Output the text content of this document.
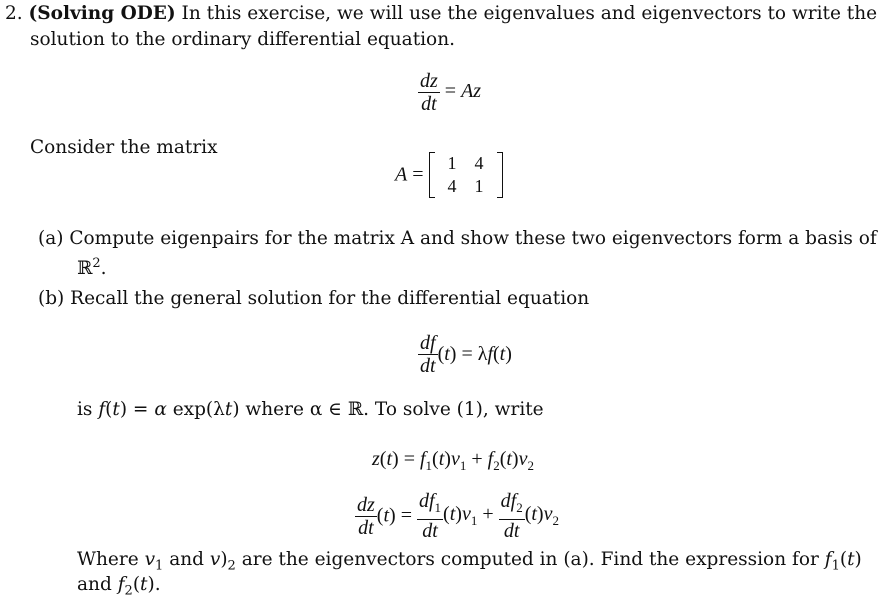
2. (Solving ODE) In this exercise, we will use the eigenvalues and eigenvectors to write the
solution to the ordinary differential equation.
$\frac{dz}{dt} = Az$
Consider the matrix
A =
1	4
4	1
(a) Compute eigenpairs for the matrix A and show these two eigenvectors form a basis of
ℝ$^2$.
(b) Recall the general solution for the differential equation
$\frac{df}{dt} (t) = \lambda f(t)$
is f(t) = α exp(λt) where α ∈ ℝ. To solve (1), write
$z(t) = f_1(t)v_1 + f_2(t)v_2$
$\frac{dz}{dt} (t) = \frac{df_1}{dt} (t)v_1 + \frac{df_2}{dt} (t)v_2$
Where $v_1$ and $v)_2$ are the eigenvectors computed in (a). Find the expression for $f_1(t)$
and $f_2(t)$.
